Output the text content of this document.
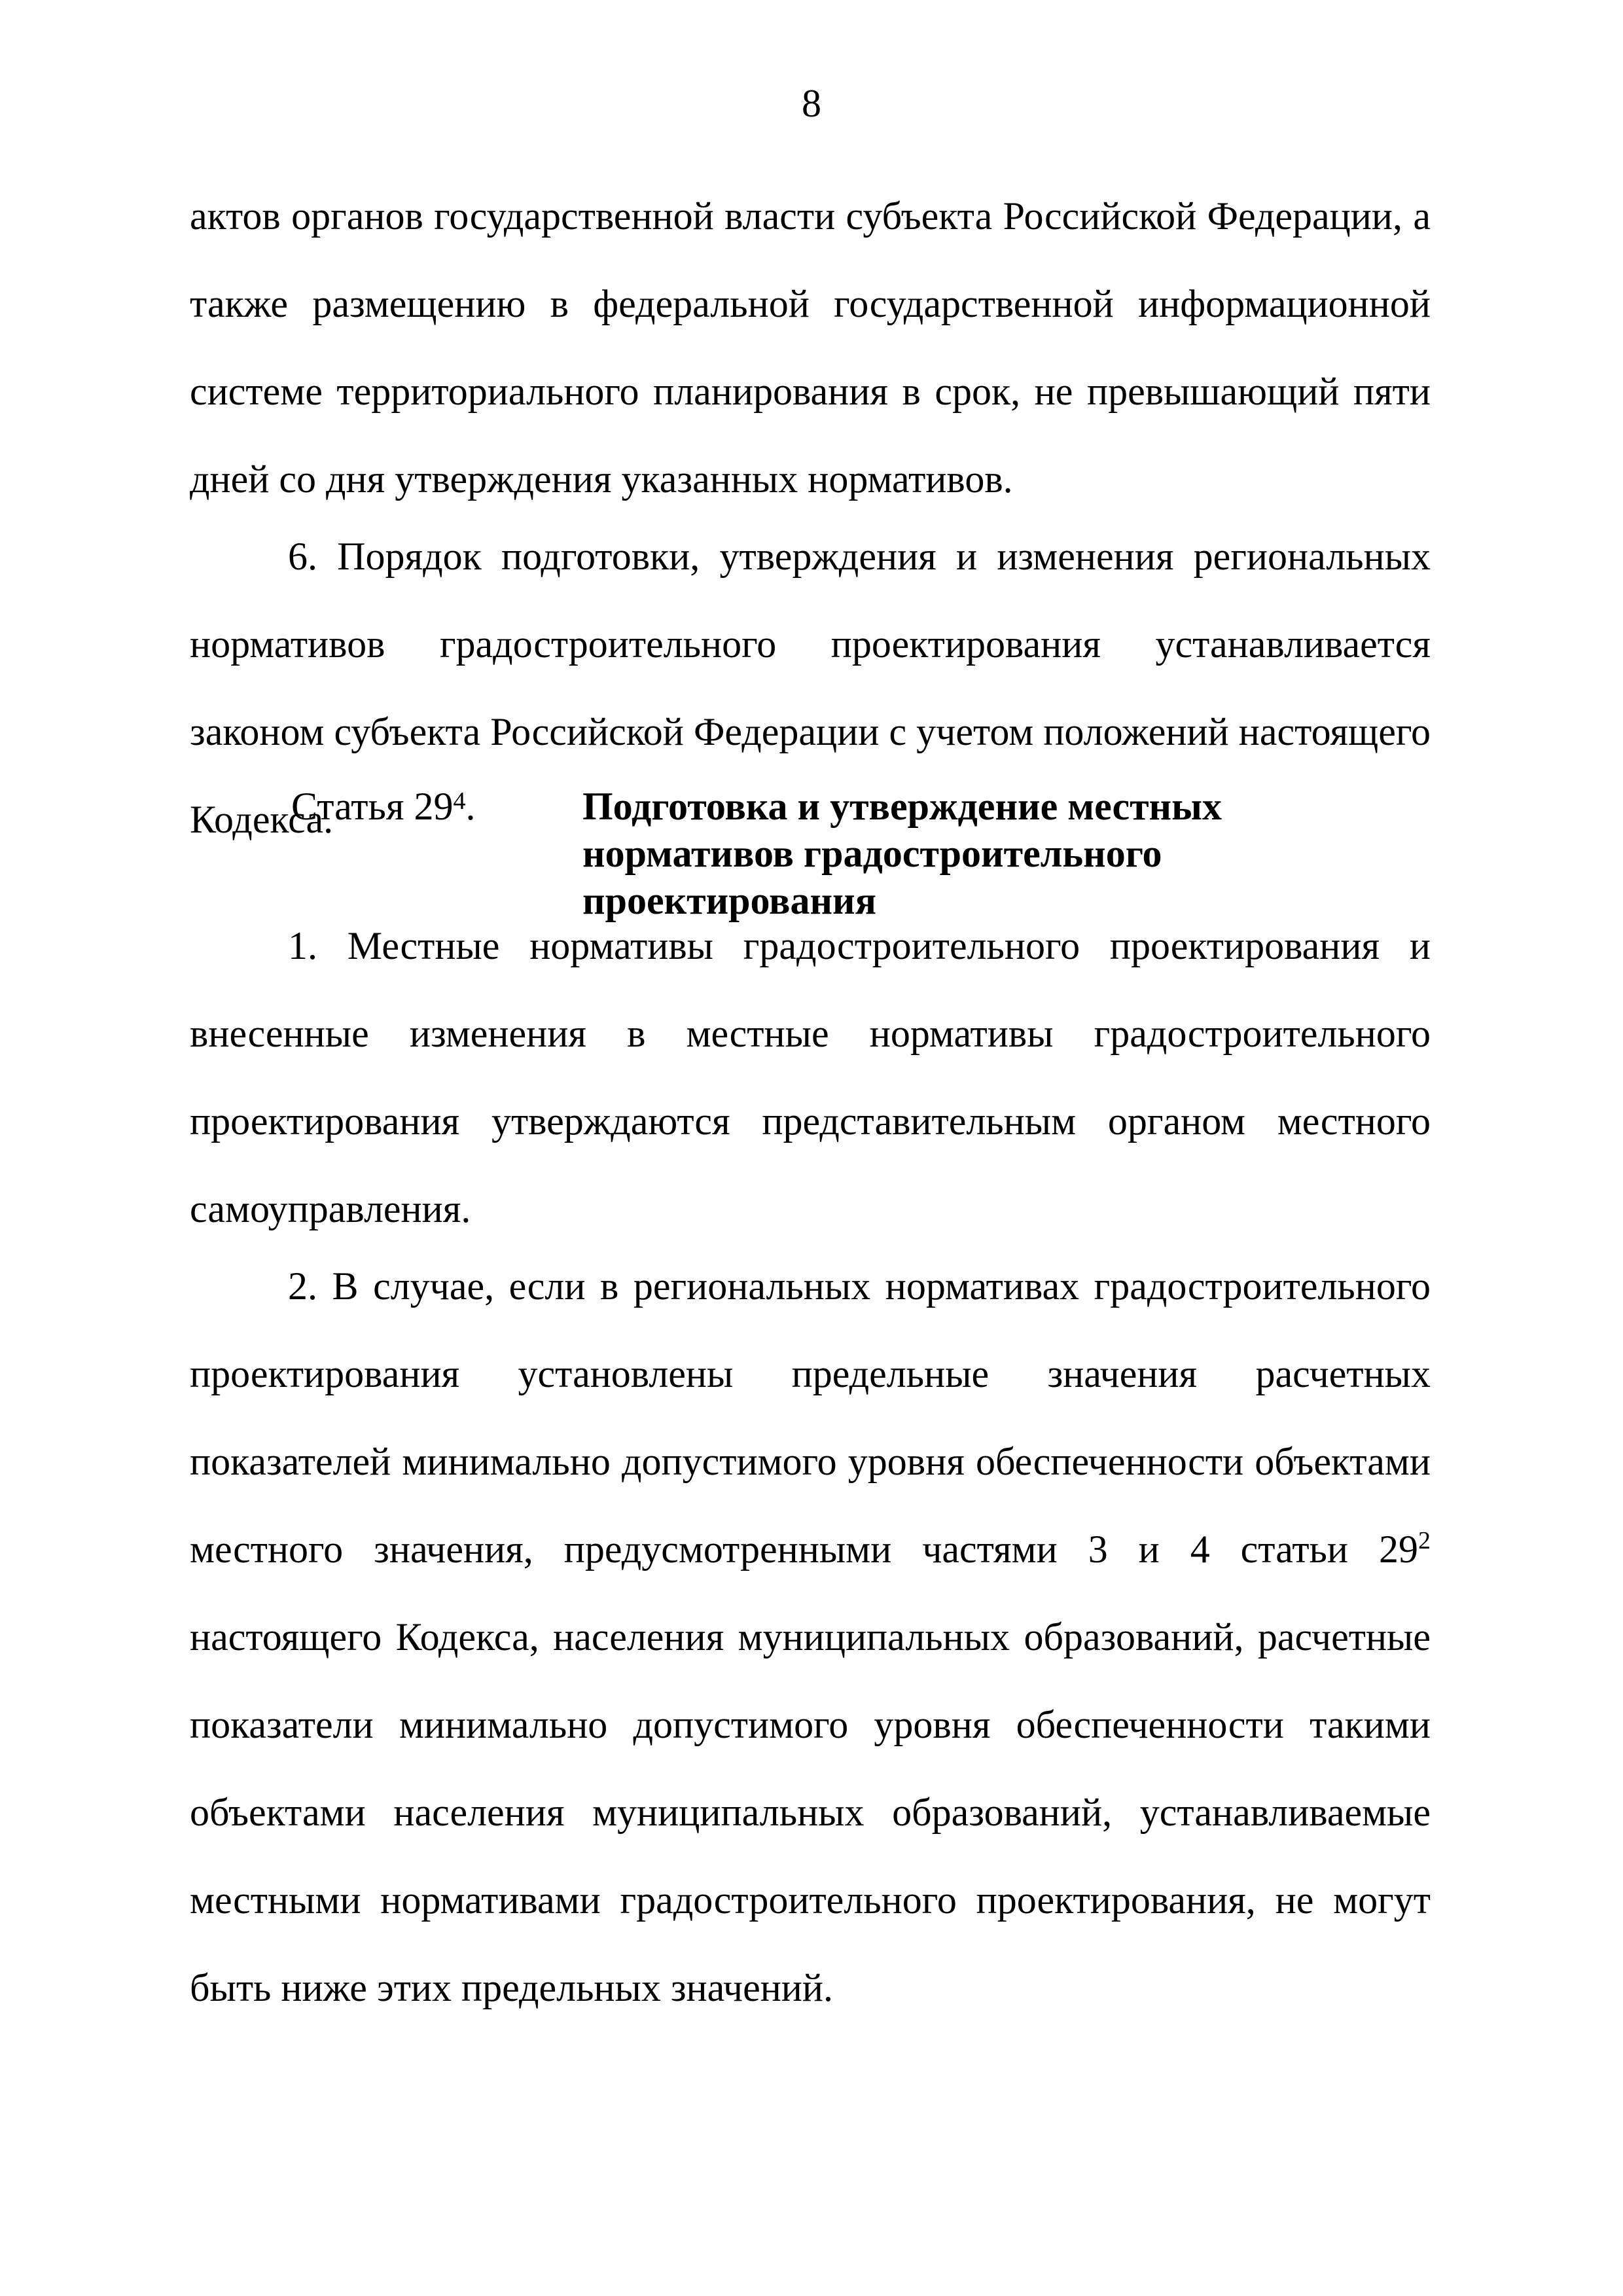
8

актов органов государственной власти субъекта Российской Федерации, а также размещению в федеральной государственной информационной системе территориального планирования в срок, не превышающий пяти дней со дня утверждения указанных нормативов.

6. Порядок подготовки, утверждения и изменения региональных нормативов градостроительного проектирования устанавливается законом субъекта Российской Федерации с учетом положений настоящего Кодекса.

Статья $29^4$.	Подготовка и утверждение местных нормативов градостроительного проектирования

1. Местные нормативы градостроительного проектирования и внесенные изменения в местные нормативы градостроительного проектирования утверждаются представительным органом местного самоуправления.

2. В случае, если в региональных нормативах градостроительного проектирования установлены предельные значения расчетных показателей минимально допустимого уровня обеспеченности объектами местного значения, предусмотренными частями 3 и 4 статьи $29^2$ настоящего Кодекса, населения муниципальных образований, расчетные показатели минимально допустимого уровня обеспеченности такими объектами населения муниципальных образований, устанавливаемые местными нормативами градостроительного проектирования, не могут быть ниже этих предельных значений.
